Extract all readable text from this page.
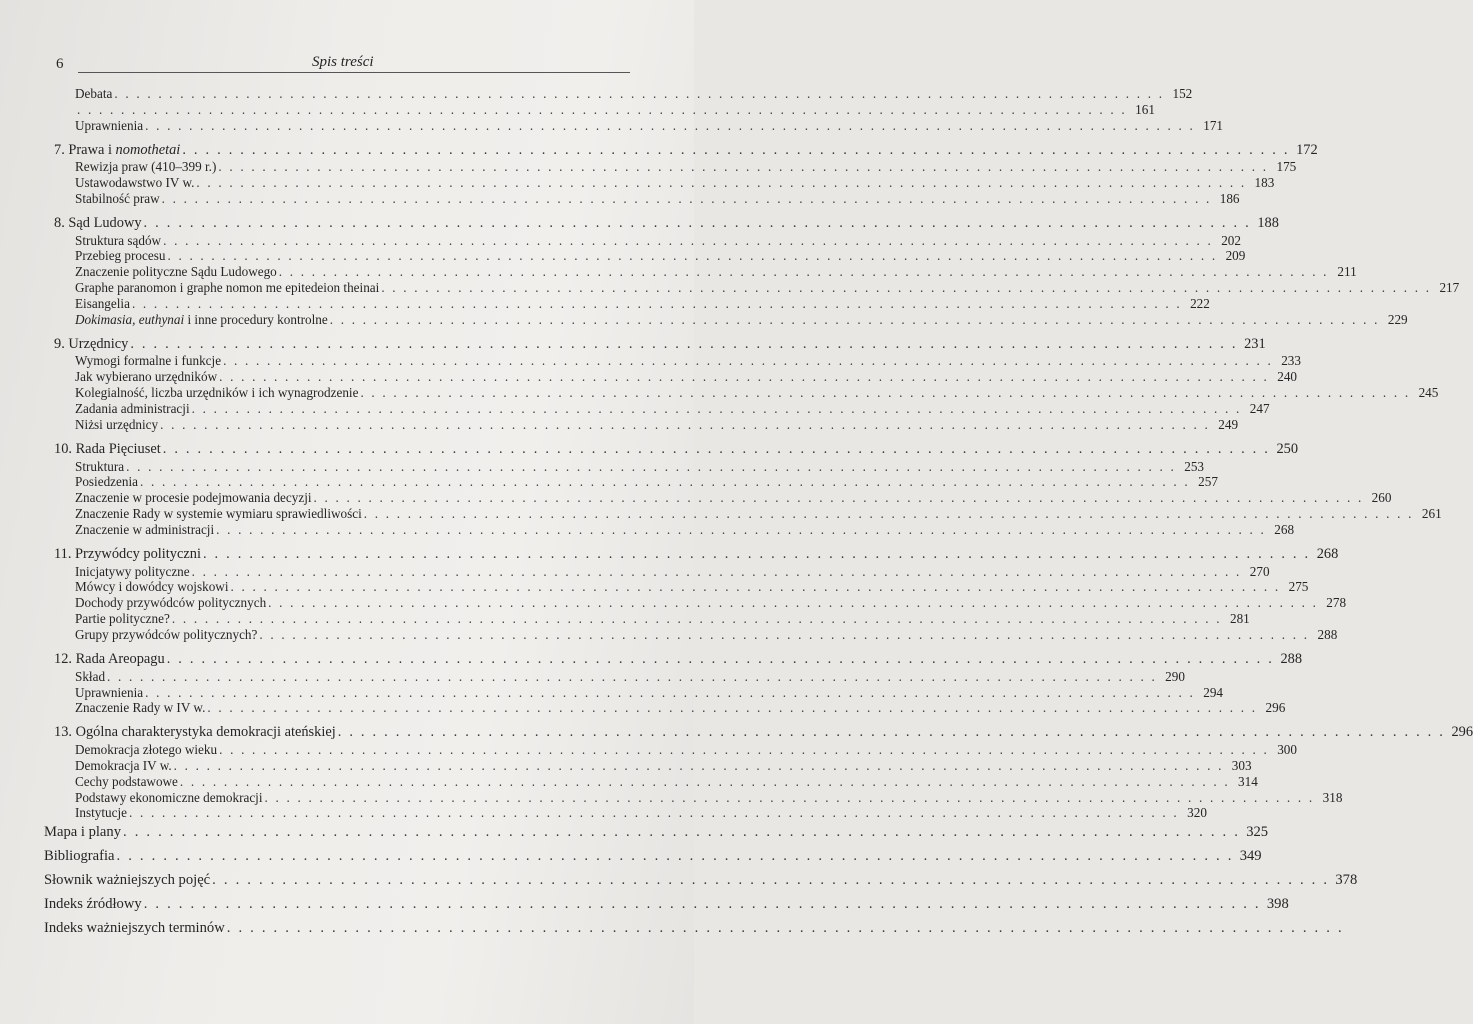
6	Spis treści
Debata . . . . . . . . . . . . . . . . . . . . . . . . . . . . . . . . . . . . . . . . . . . . . . . . . . . . . . . . . . . . . . . . . . . . . . . . . . . . . . . . . . . . . . . . . . . . . . . . 152
. . . . . . . . . . . . . . . . . . . . . . . . . . . . . . . . . . . . . . . . . . . . . . . . . . . . . . . . . . . . . . . . . . . . . . . . . . . . . . . . . . . . . . . . . . . . . . . . 161
Uprawnienia . . . . . . . . . . . . . . . . . . . . . . . . . . . . . . . . . . . . . . . . . . . . . . . . . . . . . . . . . . . . . . . . . . . . . . . . . . . . . . . . . . . . . . . . . . . . . . . . 171
7. Prawa i nomothetai . . . . . . . . . . . . . . . . . . . . . . . . . . . . . . . . . . . . . . . . . . . . . . . . . . . . . . . . . . . . . . . . . . . . . . . . . . . . . . . . . . . . . . . . . . . . . . . . 172
Rewizja praw (410–399 r.) . . . . . . . . . . . . . . . . . . . . . . . . . . . . . . . . . . . . . . . . . . . . . . . . . . . . . . . . . . . . . . . . . . . . . . . . . . . . . . . . . . . . . . . . . . . . . . . . 175
Ustawodawstwo IV w. . . . . . . . . . . . . . . . . . . . . . . . . . . . . . . . . . . . . . . . . . . . . . . . . . . . . . . . . . . . . . . . . . . . . . . . . . . . . . . . . . . . . . . . . . . . . . . . . 183
Stabilność praw . . . . . . . . . . . . . . . . . . . . . . . . . . . . . . . . . . . . . . . . . . . . . . . . . . . . . . . . . . . . . . . . . . . . . . . . . . . . . . . . . . . . . . . . . . . . . . . . 186
8. Sąd Ludowy . . . . . . . . . . . . . . . . . . . . . . . . . . . . . . . . . . . . . . . . . . . . . . . . . . . . . . . . . . . . . . . . . . . . . . . . . . . . . . . . . . . . . . . . . . . . . . . . 188
Struktura sądów . . . . . . . . . . . . . . . . . . . . . . . . . . . . . . . . . . . . . . . . . . . . . . . . . . . . . . . . . . . . . . . . . . . . . . . . . . . . . . . . . . . . . . . . . . . . . . . . 202
Przebieg procesu . . . . . . . . . . . . . . . . . . . . . . . . . . . . . . . . . . . . . . . . . . . . . . . . . . . . . . . . . . . . . . . . . . . . . . . . . . . . . . . . . . . . . . . . . . . . . . . . 209
Znaczenie polityczne Sądu Ludowego . . . . . . . . . . . . . . . . . . . . . . . . . . . . . . . . . . . . . . . . . . . . . . . . . . . . . . . . . . . . . . . . . . . . . . . . . . . . . . . . . . . . . . . . . . . . . . . . 211
Graphe paranomon i graphe nomon me epitedeion theinai . . . . . . . . . . . . . . . . . . . . . . . . . . . . . . . . . . . . . . . . . . . . . . . . . . . . . . . . . . . . . . . . . . . . . . . . . . . . . . . . . . . . . . . . . . . . . . . . 217
Eisangelia . . . . . . . . . . . . . . . . . . . . . . . . . . . . . . . . . . . . . . . . . . . . . . . . . . . . . . . . . . . . . . . . . . . . . . . . . . . . . . . . . . . . . . . . . . . . . . . . 222
Dokimasia, euthynai i inne procedury kontrolne . . . . . . . . . . . . . . . . . . . . . . . . . . . . . . . . . . . . . . . . . . . . . . . . . . . . . . . . . . . . . . . . . . . . . . . . . . . . . . . . . . . . . . . . . . . . . . . . 229
9. Urzędnicy . . . . . . . . . . . . . . . . . . . . . . . . . . . . . . . . . . . . . . . . . . . . . . . . . . . . . . . . . . . . . . . . . . . . . . . . . . . . . . . . . . . . . . . . . . . . . . . . 231
Wymogi formalne i funkcje . . . . . . . . . . . . . . . . . . . . . . . . . . . . . . . . . . . . . . . . . . . . . . . . . . . . . . . . . . . . . . . . . . . . . . . . . . . . . . . . . . . . . . . . . . . . . . . . 233
Jak wybierano urzędników . . . . . . . . . . . . . . . . . . . . . . . . . . . . . . . . . . . . . . . . . . . . . . . . . . . . . . . . . . . . . . . . . . . . . . . . . . . . . . . . . . . . . . . . . . . . . . . . 240
Kolegialność, liczba urzędników i ich wynagrodzenie . . . . . . . . . . . . . . . . . . . . . . . . . . . . . . . . . . . . . . . . . . . . . . . . . . . . . . . . . . . . . . . . . . . . . . . . . . . . . . . . . . . . . . . . . . . . . . . . 245
Zadania administracji . . . . . . . . . . . . . . . . . . . . . . . . . . . . . . . . . . . . . . . . . . . . . . . . . . . . . . . . . . . . . . . . . . . . . . . . . . . . . . . . . . . . . . . . . . . . . . . . 247
Niżsi urzędnicy . . . . . . . . . . . . . . . . . . . . . . . . . . . . . . . . . . . . . . . . . . . . . . . . . . . . . . . . . . . . . . . . . . . . . . . . . . . . . . . . . . . . . . . . . . . . . . . . 249
10. Rada Pięciuset . . . . . . . . . . . . . . . . . . . . . . . . . . . . . . . . . . . . . . . . . . . . . . . . . . . . . . . . . . . . . . . . . . . . . . . . . . . . . . . . . . . . . . . . . . . . . . . . 250
Struktura . . . . . . . . . . . . . . . . . . . . . . . . . . . . . . . . . . . . . . . . . . . . . . . . . . . . . . . . . . . . . . . . . . . . . . . . . . . . . . . . . . . . . . . . . . . . . . . . 253
Posiedzenia . . . . . . . . . . . . . . . . . . . . . . . . . . . . . . . . . . . . . . . . . . . . . . . . . . . . . . . . . . . . . . . . . . . . . . . . . . . . . . . . . . . . . . . . . . . . . . . . 257
Znaczenie w procesie podejmowania decyzji . . . . . . . . . . . . . . . . . . . . . . . . . . . . . . . . . . . . . . . . . . . . . . . . . . . . . . . . . . . . . . . . . . . . . . . . . . . . . . . . . . . . . . . . . . . . . . . . 260
Znaczenie Rady w systemie wymiaru sprawiedliwości . . . . . . . . . . . . . . . . . . . . . . . . . . . . . . . . . . . . . . . . . . . . . . . . . . . . . . . . . . . . . . . . . . . . . . . . . . . . . . . . . . . . . . . . . . . . . . . . 261
Znaczenie w administracji . . . . . . . . . . . . . . . . . . . . . . . . . . . . . . . . . . . . . . . . . . . . . . . . . . . . . . . . . . . . . . . . . . . . . . . . . . . . . . . . . . . . . . . . . . . . . . . . 268
11. Przywódcy polityczni . . . . . . . . . . . . . . . . . . . . . . . . . . . . . . . . . . . . . . . . . . . . . . . . . . . . . . . . . . . . . . . . . . . . . . . . . . . . . . . . . . . . . . . . . . . . . . . . 268
Inicjatywy polityczne . . . . . . . . . . . . . . . . . . . . . . . . . . . . . . . . . . . . . . . . . . . . . . . . . . . . . . . . . . . . . . . . . . . . . . . . . . . . . . . . . . . . . . . . . . . . . . . . 270
Mówcy i dowódcy wojskowi . . . . . . . . . . . . . . . . . . . . . . . . . . . . . . . . . . . . . . . . . . . . . . . . . . . . . . . . . . . . . . . . . . . . . . . . . . . . . . . . . . . . . . . . . . . . . . . . 275
Dochody przywódców politycznych . . . . . . . . . . . . . . . . . . . . . . . . . . . . . . . . . . . . . . . . . . . . . . . . . . . . . . . . . . . . . . . . . . . . . . . . . . . . . . . . . . . . . . . . . . . . . . . . 278
Partie polityczne? . . . . . . . . . . . . . . . . . . . . . . . . . . . . . . . . . . . . . . . . . . . . . . . . . . . . . . . . . . . . . . . . . . . . . . . . . . . . . . . . . . . . . . . . . . . . . . . . 281
Grupy przywódców politycznych? . . . . . . . . . . . . . . . . . . . . . . . . . . . . . . . . . . . . . . . . . . . . . . . . . . . . . . . . . . . . . . . . . . . . . . . . . . . . . . . . . . . . . . . . . . . . . . . . 288
12. Rada Areopagu . . . . . . . . . . . . . . . . . . . . . . . . . . . . . . . . . . . . . . . . . . . . . . . . . . . . . . . . . . . . . . . . . . . . . . . . . . . . . . . . . . . . . . . . . . . . . . . . 288
Skład . . . . . . . . . . . . . . . . . . . . . . . . . . . . . . . . . . . . . . . . . . . . . . . . . . . . . . . . . . . . . . . . . . . . . . . . . . . . . . . . . . . . . . . . . . . . . . . . 290
Uprawnienia . . . . . . . . . . . . . . . . . . . . . . . . . . . . . . . . . . . . . . . . . . . . . . . . . . . . . . . . . . . . . . . . . . . . . . . . . . . . . . . . . . . . . . . . . . . . . . . . 294
Znaczenie Rady w IV w. . . . . . . . . . . . . . . . . . . . . . . . . . . . . . . . . . . . . . . . . . . . . . . . . . . . . . . . . . . . . . . . . . . . . . . . . . . . . . . . . . . . . . . . . . . . . . . . . 296
13. Ogólna charakterystyka demokracji ateńskiej . . . . . . . . . . . . . . . . . . . . . . . . . . . . . . . . . . . . . . . . . . . . . . . . . . . . . . . . . . . . . . . . . . . . . . . . . . . . . . . . . . . . . . . . . . . . . . . . 296
Demokracja złotego wieku . . . . . . . . . . . . . . . . . . . . . . . . . . . . . . . . . . . . . . . . . . . . . . . . . . . . . . . . . . . . . . . . . . . . . . . . . . . . . . . . . . . . . . . . . . . . . . . . 300
Demokracja IV w. . . . . . . . . . . . . . . . . . . . . . . . . . . . . . . . . . . . . . . . . . . . . . . . . . . . . . . . . . . . . . . . . . . . . . . . . . . . . . . . . . . . . . . . . . . . . . . . . 303
Cechy podstawowe . . . . . . . . . . . . . . . . . . . . . . . . . . . . . . . . . . . . . . . . . . . . . . . . . . . . . . . . . . . . . . . . . . . . . . . . . . . . . . . . . . . . . . . . . . . . . . . . 314
Podstawy ekonomiczne demokracji . . . . . . . . . . . . . . . . . . . . . . . . . . . . . . . . . . . . . . . . . . . . . . . . . . . . . . . . . . . . . . . . . . . . . . . . . . . . . . . . . . . . . . . . . . . . . . . . 318
Instytucje . . . . . . . . . . . . . . . . . . . . . . . . . . . . . . . . . . . . . . . . . . . . . . . . . . . . . . . . . . . . . . . . . . . . . . . . . . . . . . . . . . . . . . . . . . . . . . . . 320
Mapa i plany . . . . . . . . . . . . . . . . . . . . . . . . . . . . . . . . . . . . . . . . . . . . . . . . . . . . . . . . . . . . . . . . . . . . . . . . . . . . . . . . . . . . . . . . . . . . . . . . 325
Bibliografia . . . . . . . . . . . . . . . . . . . . . . . . . . . . . . . . . . . . . . . . . . . . . . . . . . . . . . . . . . . . . . . . . . . . . . . . . . . . . . . . . . . . . . . . . . . . . . . . 349
Słownik ważniejszych pojęć . . . . . . . . . . . . . . . . . . . . . . . . . . . . . . . . . . . . . . . . . . . . . . . . . . . . . . . . . . . . . . . . . . . . . . . . . . . . . . . . . . . . . . . . . . . . . . . . 378
Indeks źródłowy . . . . . . . . . . . . . . . . . . . . . . . . . . . . . . . . . . . . . . . . . . . . . . . . . . . . . . . . . . . . . . . . . . . . . . . . . . . . . . . . . . . . . . . . . . . . . . . . 398
Indeks ważniejszych terminów . . . . . . . . . . . . . . . . . . . . . . . . . . . . . . . . . . . . . . . . . . . . . . . . . . . . . . . . . . . . . . . . . . . . . . . . . . . . . . . . . . . . . . . . . . . . . . . .
